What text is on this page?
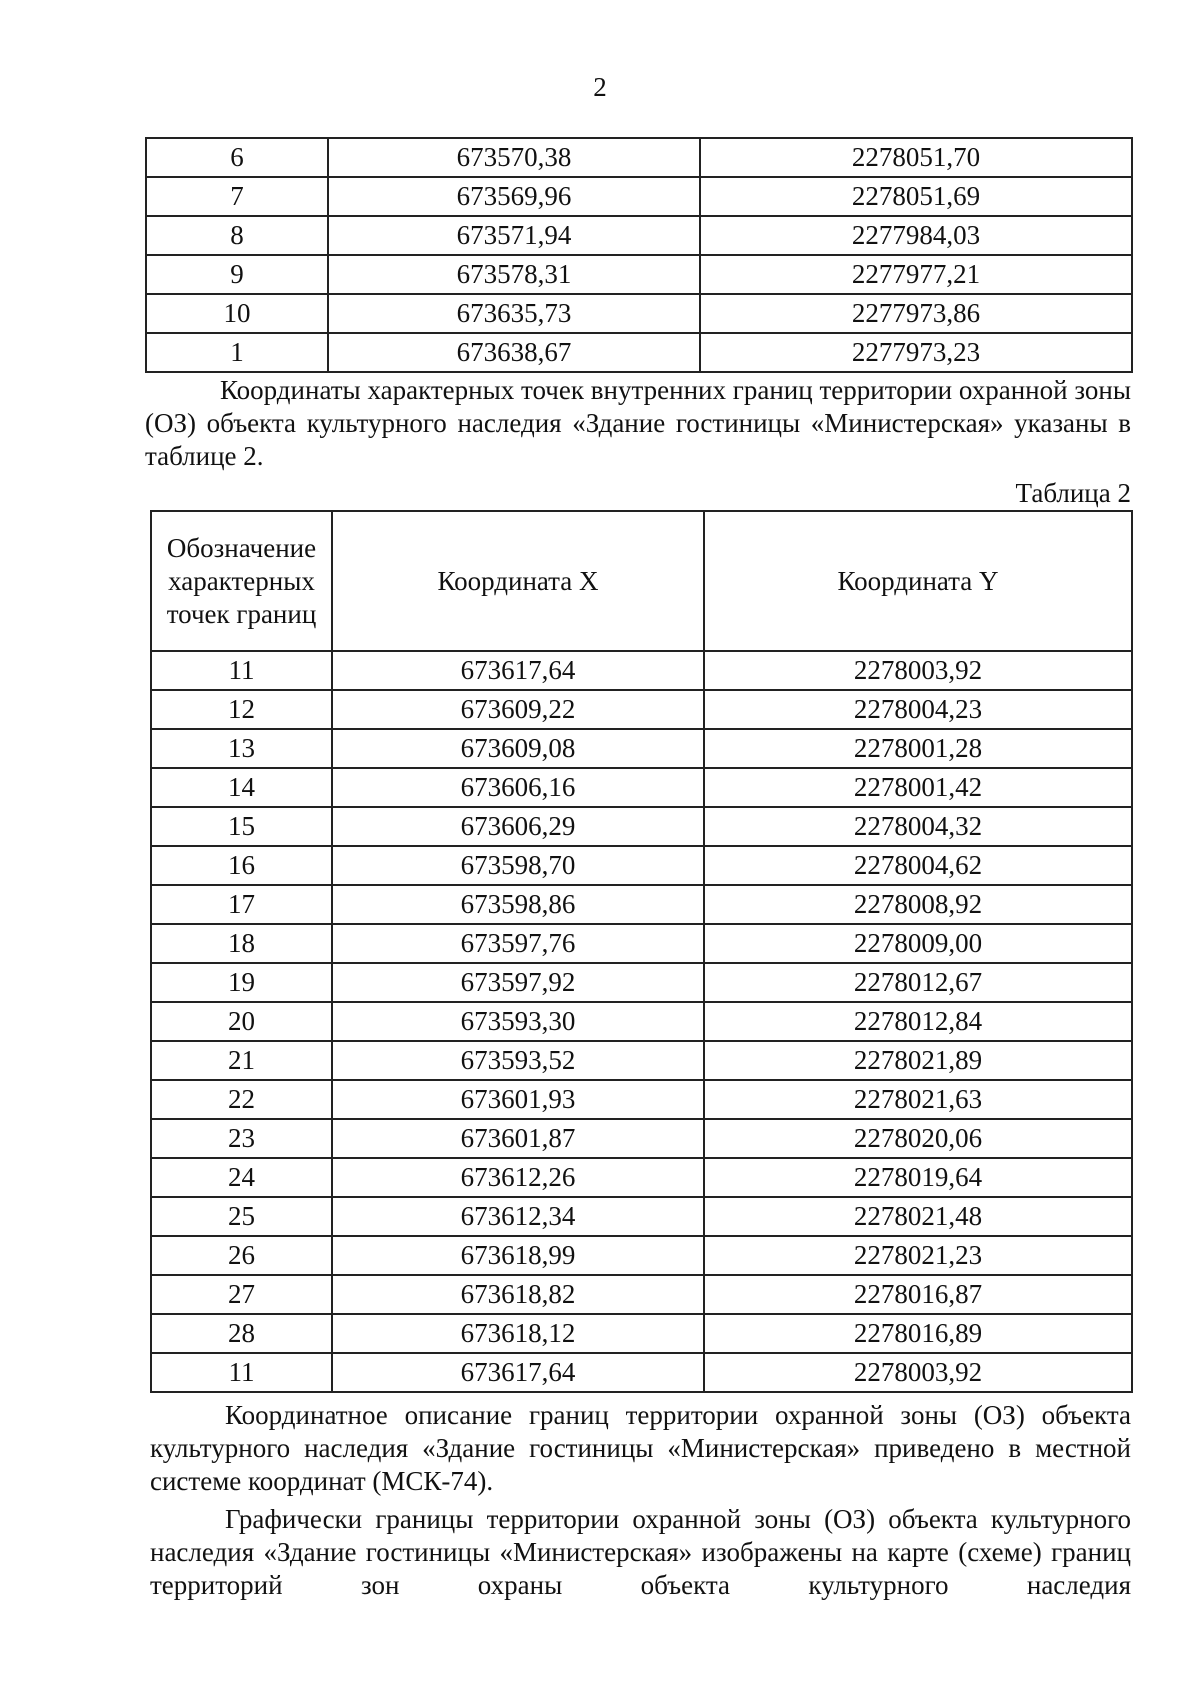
2
6	673570,38	2278051,70
7	673569,96	2278051,69
8	673571,94	2277984,03
9	673578,31	2277977,21
10	673635,73	2277973,86
1	673638,67	2277973,23

Координаты характерных точек внутренних границ территории охранной зоны (ОЗ) объекта культурного наследия «Здание гостиницы «Министерская» указаны в таблице 2.

Таблица 2
Обозначение характерных точек границ	Координата X	Координата Y
11	673617,64	2278003,92
12	673609,22	2278004,23
13	673609,08	2278001,28
14	673606,16	2278001,42
15	673606,29	2278004,32
16	673598,70	2278004,62
17	673598,86	2278008,92
18	673597,76	2278009,00
19	673597,92	2278012,67
20	673593,30	2278012,84
21	673593,52	2278021,89
22	673601,93	2278021,63
23	673601,87	2278020,06
24	673612,26	2278019,64
25	673612,34	2278021,48
26	673618,99	2278021,23
27	673618,82	2278016,87
28	673618,12	2278016,89
11	673617,64	2278003,92

Координатное описание границ территории охранной зоны (ОЗ) объекта культурного наследия «Здание гостиницы «Министерская» приведено в местной системе координат (МСК-74).

Графически границы территории охранной зоны (ОЗ) объекта культурного наследия «Здание гостиницы «Министерская» изображены на карте (схеме) границ территорий зон охраны объекта культурного наследия
